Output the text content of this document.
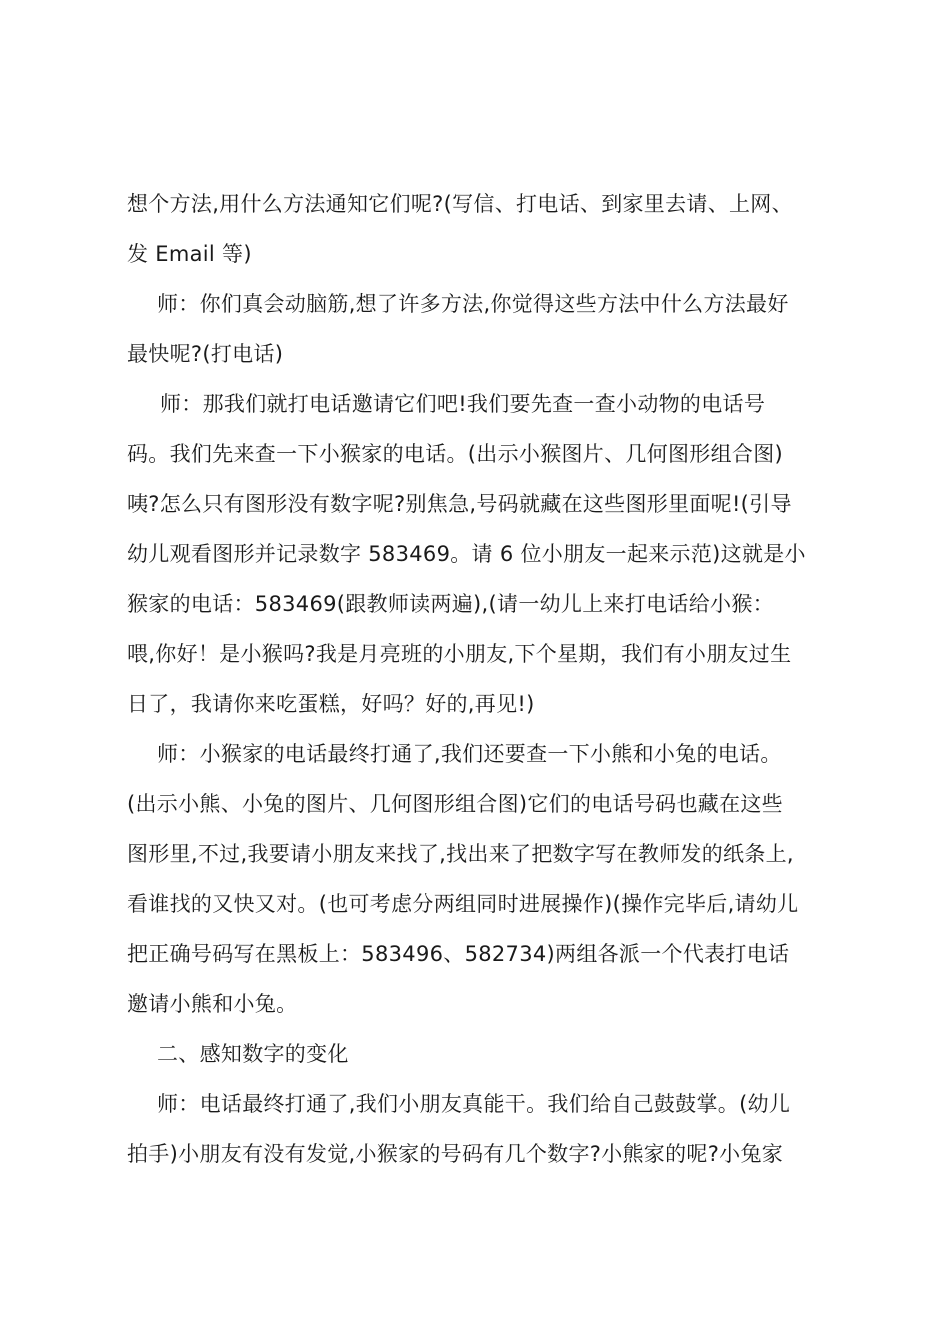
想个方法,用什么方法通知它们呢?(写信、打电话、到家里去请、上网、
发 Email 等)
师：你们真会动脑筋,想了许多方法,你觉得这些方法中什么方法最好
最快呢?(打电话)
师：那我们就打电话邀请它们吧!我们要先查一查小动物的电话号
码。我们先来查一下小猴家的电话。(出示小猴图片、几何图形组合图)
咦?怎么只有图形没有数字呢?别焦急,号码就藏在这些图形里面呢!(引导
幼儿观看图形并记录数字 583469。请 6 位小朋友一起来示范)这就是小
猴家的电话：583469(跟教师读两遍),(请一幼儿上来打电话给小猴：
喂,你好！是小猴吗?我是月亮班的小朋友,下个星期，我们有小朋友过生
日了，我请你来吃蛋糕，好吗？好的,再见!)
师：小猴家的电话最终打通了,我们还要查一下小熊和小兔的电话。
(出示小熊、小兔的图片、几何图形组合图)它们的电话号码也藏在这些
图形里,不过,我要请小朋友来找了,找出来了把数字写在教师发的纸条上,
看谁找的又快又对。(也可考虑分两组同时进展操作)(操作完毕后,请幼儿
把正确号码写在黑板上：583496、582734)两组各派一个代表打电话
邀请小熊和小兔。
二、感知数字的变化
师：电话最终打通了,我们小朋友真能干。我们给自己鼓鼓掌。(幼儿
拍手)小朋友有没有发觉,小猴家的号码有几个数字?小熊家的呢?小兔家
